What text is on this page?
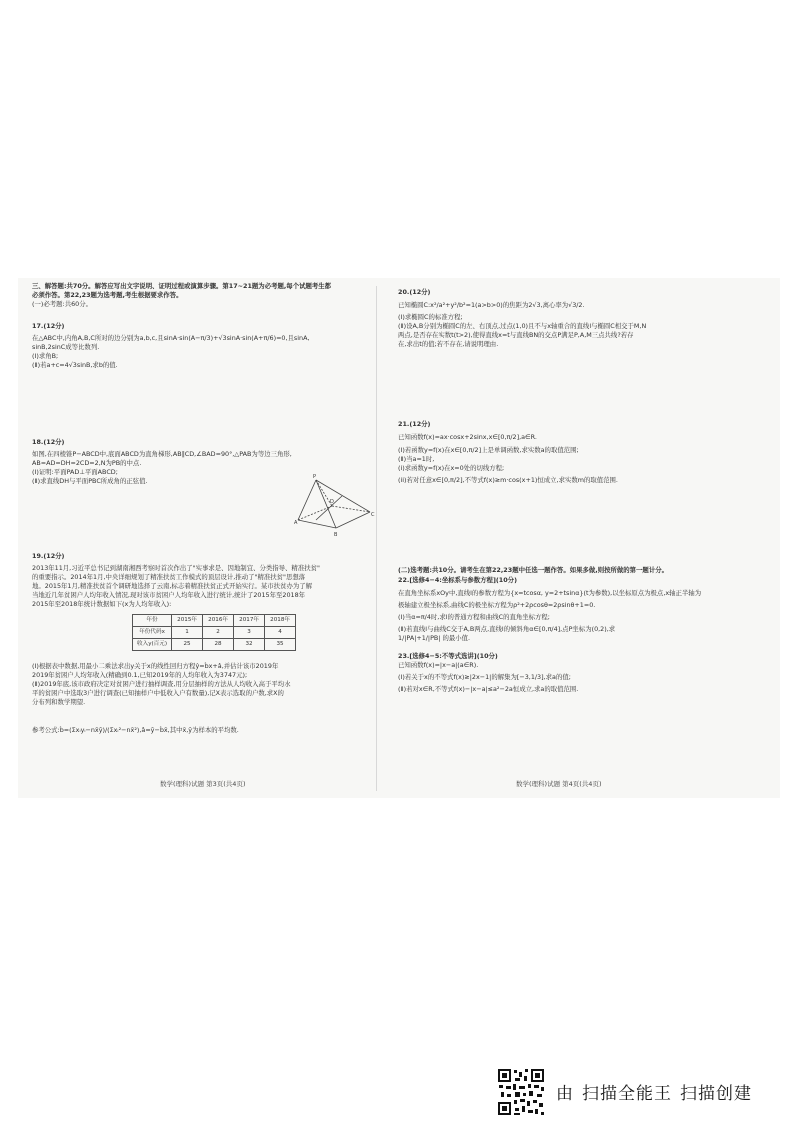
三、解答题:共70分。解答应写出文字说明、证明过程或演算步骤。第17~21题为必考题,每个试题考生都

必须作答。第22,23题为选考题,考生根据要求作答。

(一)必考题:共60分。

17.(12分)

在△ABC中,内角A,B,C所对的边分别为a,b,c,且sinA·sin(A−π/3)+√3sinA·sin(A+π/6)=0,且sinA,

sinB,2sinC成等比数列.

(Ⅰ)求角B;

(Ⅱ)若a+c=4√3sinB,求b的值.

18.(12分)

如图,在四棱锥P−ABCD中,底面ABCD为直角梯形,AB∥CD,∠BAD=90°,△PAB为等边三角形,

AB=AD=DH=2CD=2,N为PB的中点.

(Ⅰ)证明:平面PAD⊥平面ABCD;

(Ⅱ)求直线DH与平面PBC所成角的正弦值.	P
A
B
C
D

19.(12分)

2013年11月,习近平总书记到湖南湘西考察时首次作出了"实事求是、因地制宜、分类指导、精准扶贫"

的重要指示。2014年1月,中央详细规划了精准扶贫工作模式的顶层设计,推动了"精准扶贫"思想落

地。2015年1月,精准扶贫首个调研地选择了云南,标志着精准扶贫正式开始实行。某市扶贫办为了解

当地近几年贫困户人均年收入情况,现对该市贫困户人均年收入进行统计,统计了2015年至2018年

2015年至2018年统计数据如下(x为人均年收入):

年份	2015年	2016年	2017年	2018年
年份代码x	1	2	3	4
收入y(百元)	25	28	32	35

(Ⅰ)根据表中数据,用最小二乘法求出y关于x的线性回归方程ŷ=b̂x+â,并估计该市2019年

2019年贫困户人均年收入(精确到0.1,已知2019年的人均年收入为3747元);

(Ⅱ)2019年底,该市政府决定对贫困户进行抽样调查,用分层抽样的方法从人均收入高于平均水

平的贫困户中选取3户进行调查(已知抽样户中低收入户有数量),记X表示选取的户数,求X的

分布列和数学期望.

参考公式:b̂=(Σxᵢyᵢ−nx̄ȳ)/(Σxᵢ²−nx̄²),â=ȳ−b̂x̄,其中x̄,ȳ为样本的平均数.

数学(理科)试题 第3页(共4页)

20.(12分)

已知椭圆C:x²/a²+y²/b²=1(a>b>0)的焦距为2√3,离心率为√3/2.

(Ⅰ)求椭圆C的标准方程;

(Ⅱ)设A,B分别为椭圆C的左、右顶点,过点(1,0)且不与x轴重合的直线l与椭圆C相交于M,N

两点,是否存在实数t(t>2),使得直线x=t与直线BN的交点P满足P,A,M三点共线?若存

在,求出t的值;若不存在,请说明理由.

21.(12分)

已知函数f(x)=ax·cosx+2sinx,x∈[0,π/2],a∈R.

(Ⅰ)若函数y=f(x)在x∈[0,π/2]上是单调函数,求实数a的取值范围;

(Ⅱ)当a=1时,

(i)求函数y=f(x)在x=0处的切线方程;

(ii)若对任意x∈[0,π/2],不等式f(x)≥m·cos(x+1)恒成立,求实数m的取值范围.

(二)选考题:共10分。请考生在第22,23题中任选一题作答。如果多做,则按所做的第一题计分。

22.[选修4−4:坐标系与参数方程](10分)

在直角坐标系xOy中,直线l的参数方程为{x=tcosα, y=2+tsinα}(t为参数),以坐标原点为极点,x轴正半轴为

极轴建立极坐标系,曲线C的极坐标方程为ρ²+2ρcosθ=2ρsinθ+1=0.

(Ⅰ)当α=π/4时,求l的普通方程和曲线C的直角坐标方程;

(Ⅱ)若直线l与曲线C交于A,B两点,直线l的倾斜角α∈[0,π/4],点P坐标为(0,2),求

1/|PA|+1/|PB| 的最小值.

23.[选修4−5:不等式选讲](10分)

已知函数f(x)=|x−a|(a∈R).

(Ⅰ)若关于x的不等式f(x)≥|2x−1|的解集为[−3,1/3],求a的值;

(Ⅱ)若对x∈R,不等式f(x)−|x−a|≤a²−2a恒成立,求a的取值范围.

数学(理科)试题 第4页(共4页)
由 扫描全能王 扫描创建
